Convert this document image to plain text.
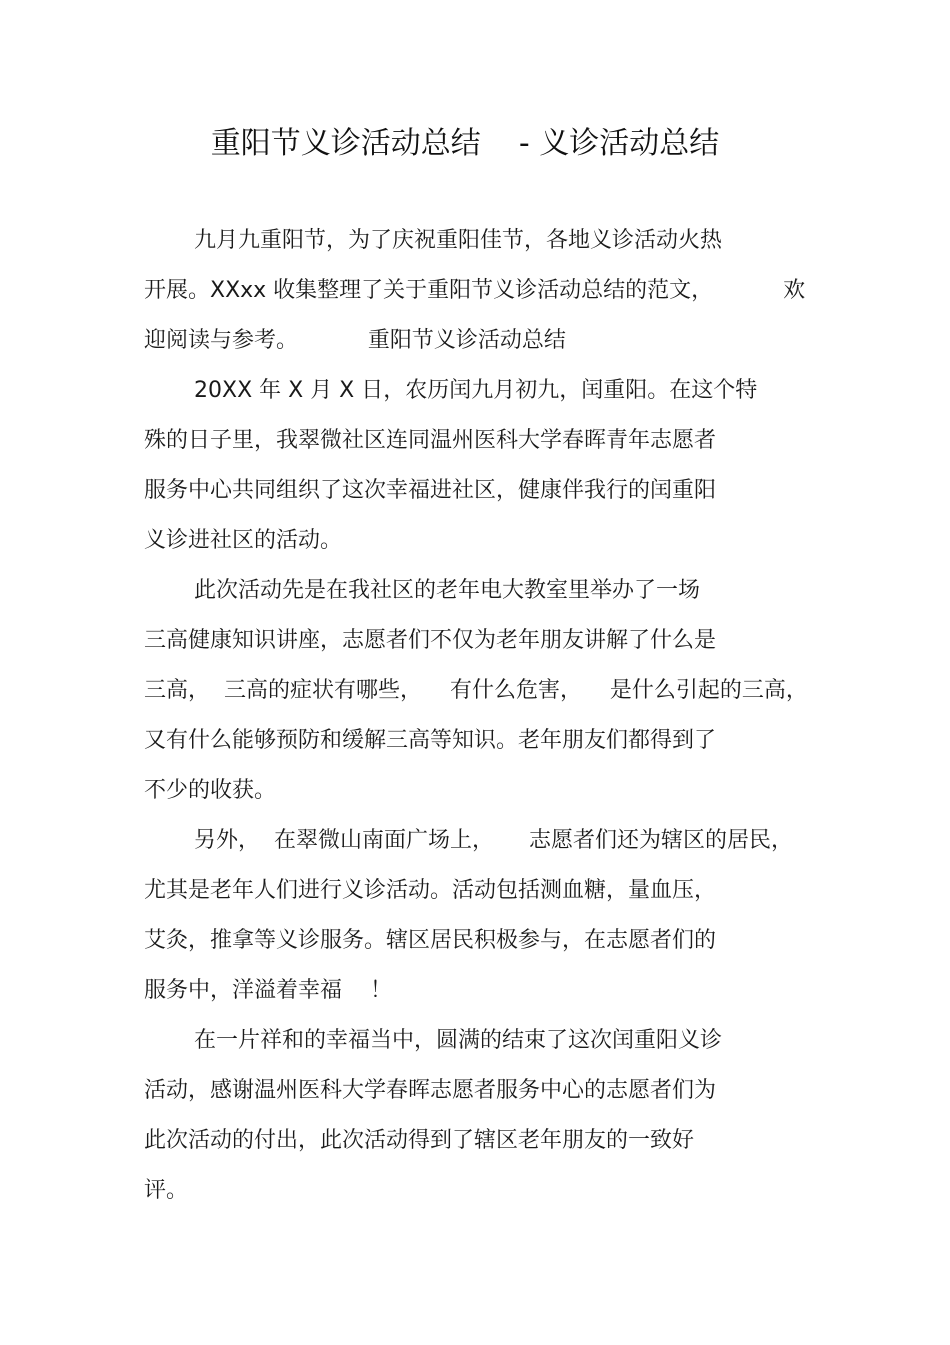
重阳节义诊活动总结    - 义诊活动总结
九月九重阳节，为了庆祝重阳佳节，各地义诊活动火热
开展。XXxx 收集整理了关于重阳节义诊活动总结的范文，          欢
迎阅读与参考。          重阳节义诊活动总结
20XX 年 X 月 X 日，农历闰九月初九，闰重阳。在这个特
殊的日子里，我翠微社区连同温州医科大学春晖青年志愿者
服务中心共同组织了这次幸福进社区，健康伴我行的闰重阳
义诊进社区的活动。
此次活动先是在我社区的老年电大教室里举办了一场
三高健康知识讲座，志愿者们不仅为老年朋友讲解了什么是
三高，  三高的症状有哪些，    有什么危害，    是什么引起的三高，
又有什么能够预防和缓解三高等知识。老年朋友们都得到了
不少的收获。
另外，  在翠微山南面广场上，     志愿者们还为辖区的居民，
尤其是老年人们进行义诊活动。活动包括测血糖，量血压，
艾灸，推拿等义诊服务。辖区居民积极参与，在志愿者们的
服务中，洋溢着幸福    ！
在一片祥和的幸福当中，圆满的结束了这次闰重阳义诊
活动，感谢温州医科大学春晖志愿者服务中心的志愿者们为
此次活动的付出，此次活动得到了辖区老年朋友的一致好
评。
